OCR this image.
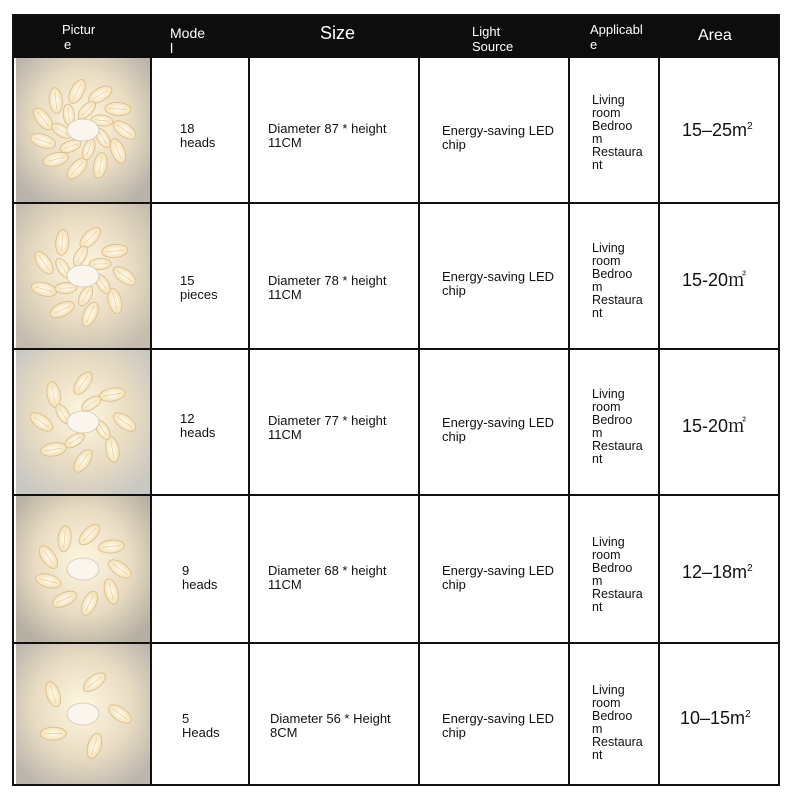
Pictur
e
Mode
l
Size	Light
Source
Applicabl
e
Area
18
heads
Diameter 87 * height
11CM
Energy-saving LED
chip
Living
room
Bedroo
m
Restaura
nt
$15-25m^2$
15
pieces
Diameter 78 * height
11CM
Energy-saving LED
chip
Living
room
Bedroo
m
Restaura
nt
15-20㎡
12
heads
Diameter 77 * height
11CM
Energy-saving LED
chip
Living
room
Bedroo
m
Restaura
nt
15-20㎡
9
heads
Diameter 68 * height
11CM
Energy-saving LED
chip
Living
room
Bedroo
m
Restaura
nt
$12-18m^2$
5
Heads
Diameter 56 * Height
8CM
Energy-saving LED
chip
Living
room
Bedroo
m
Restaura
nt
$10-15m^2$
